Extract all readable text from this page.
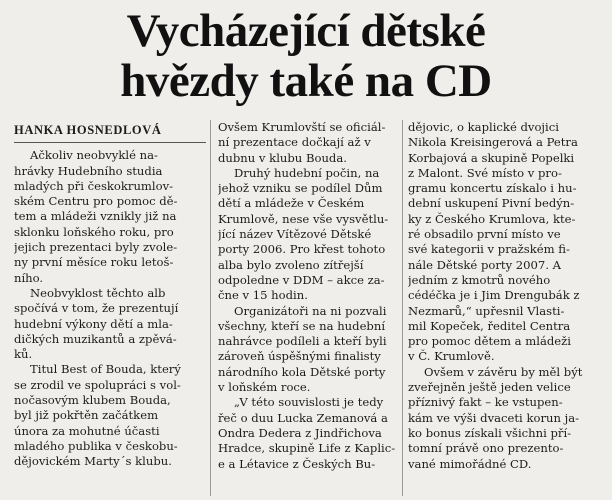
Vycházející dětské
hvězdy také na CD
HANKA HOSNEDLOVÁ
Ačkoliv neobvyklé na-
hrávky Hudebního studia
mladých při českokrumlov-
ském Centru pro pomoc dě-
tem a mládeži vznikly již na
sklonku loňského roku, pro
jejich prezentaci byly zvole-
ny první měsíce roku letoš-
ního.
Neobvyklost těchto alb
spočívá v tom, že prezentují
hudební výkony dětí a mla-
dičkých muzikantů a zpěvá-
ků.
Titul Best of Bouda, který
se zrodil ve spolupráci s vol-
nočasovým klubem Bouda,
byl již pokřtěn začátkem
února za mohutné účasti
mladého publika v českobu-
dějovickém Marty´s klubu.
Ovšem Krumlovští se oficiál-
ní prezentace dočkají až v
dubnu v klubu Bouda.
Druhý hudební počin, na
jehož vzniku se podílel Dům
dětí a mládeže v Českém
Krumlově, nese vše vysvětlu-
jící název Vítězové Dětské
porty 2006. Pro křest tohoto
alba bylo zvoleno zítřejší
odpoledne v DDM – akce za-
čne v 15 hodin.
Organizátoři na ni pozvali
všechny, kteří se na hudební
nahrávce podíleli a kteří byli
zároveň úspěšnými finalisty
národního kola Dětské porty
v loňském roce.
„V této souvislosti je tedy
řeč o duu Lucka Zemanová a
Ondra Dedera z Jindřichova
Hradce, skupině Life z Kaplic-
e a Létavice z Českých Bu-
dějovic, o kaplické dvojici
Nikola Kreisingerová a Petra
Korbajová a skupině Popelki
z Malont. Své místo v pro-
gramu koncertu získalo i hu-
dební uskupení Pivní bedýn-
ky z Českého Krumlova, kte-
ré obsadilo první místo ve
své kategorii v pražském fi-
nále Dětské porty 2007. A
jedním z kmotrů nového
cédéčka je i Jim Drengubák z
Nezmarů,“ upřesnil Vlasti-
mil Kopeček, ředitel Centra
pro pomoc dětem a mládeži
v Č. Krumlově.
Ovšem v závěru by měl být
zveřejněn ještě jeden velice
příznivý fakt – ke vstupen-
kám ve výši dvaceti korun ja-
ko bonus získali všichni pří-
tomní právě ono prezento-
vané mimořádné CD.
